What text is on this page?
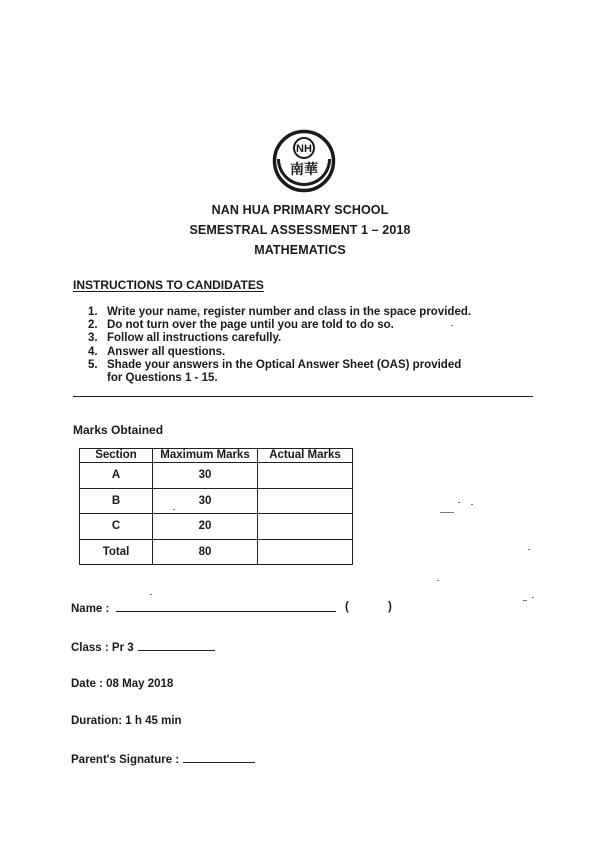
NH
南華
NAN HUA PRIMARY SCHOOL
SEMESTRAL ASSESSMENT 1 – 2018
MATHEMATICS
INSTRUCTIONS TO CANDIDATES
1. Write your name, register number and class in the space provided.
2. Do not turn over the page until you are told to do so.
3. Follow all instructions carefully.
4. Answer all questions.
5. Shade your answers in the Optical Answer Sheet (OAS) provided
for Questions 1 - 15.
Marks Obtained
Section	Maximum Marks	Actual Marks
A	30	
B	30	
C	20	
Total	80	
Name :	(	)
Class : Pr 3
Date : 08 May 2018
Duration: 1 h 45 min
Parent's Signature :
